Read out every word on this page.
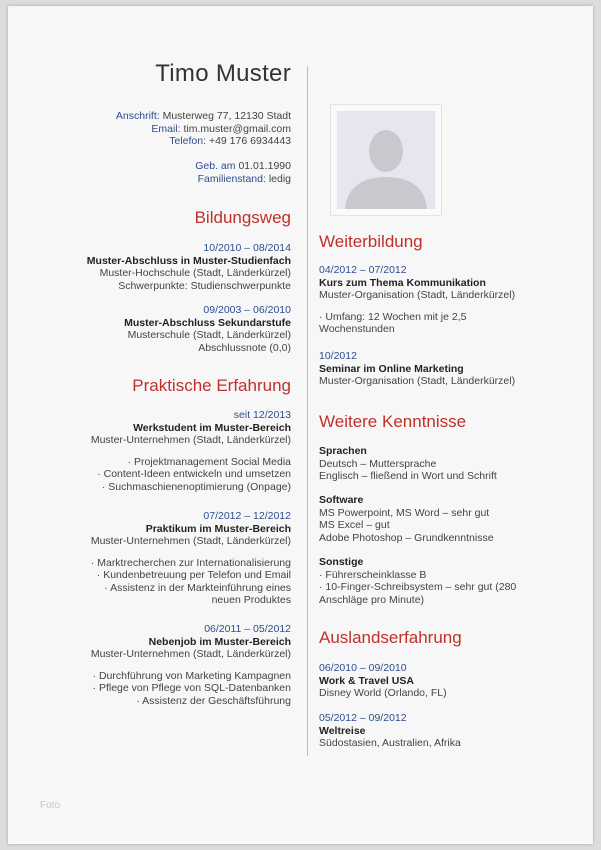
Timo Muster
Anschrift: Musterweg 77, 12130 Stadt
Email: tim.muster@gmail.com
Telefon: +49 176 6934443
Geb. am 01.01.1990
Familienstand: ledig
Bildungsweg
10/2010 – 08/2014
Muster-Abschluss in Muster-Studienfach
Muster-Hochschule (Stadt, Länderkürzel)
Schwerpunkte: Studienschwerpunkte
09/2003 – 06/2010
Muster-Abschluss Sekundarstufe
Musterschule (Stadt, Länderkürzel)
Abschlussnote (0,0)
Praktische Erfahrung
seit 12/2013
Werkstudent im Muster-Bereich
Muster-Unternehmen (Stadt, Länderkürzel)
· Projektmanagement Social Media
· Content-Ideen entwickeln und umsetzen
· Suchmaschienenoptimierung (Onpage)
07/2012 – 12/2012
Praktikum im Muster-Bereich
Muster-Unternehmen (Stadt, Länderkürzel)
· Marktrecherchen zur Internationalisierung
· Kundenbetreuung per Telefon und Email
· Assistenz in der Markteinführung eines
neuen Produktes
06/2011 – 05/2012
Nebenjob im Muster-Bereich
Muster-Unternehmen (Stadt, Länderkürzel)
· Durchführung von Marketing Kampagnen
· Pflege von Pflege von SQL-Datenbanken
· Assistenz der Geschäftsführung
Weiterbildung
04/2012 – 07/2012
Kurs zum Thema Kommunikation
Muster-Organisation (Stadt, Länderkürzel)
· Umfang: 12 Wochen mit je 2,5
Wochenstunden
10/2012
Seminar im Online Marketing
Muster-Organisation (Stadt, Länderkürzel)
Weitere Kenntnisse
Sprachen
Deutsch – Muttersprache
Englisch – fließend in Wort und Schrift
Software
MS Powerpoint, MS Word – sehr gut
MS Excel – gut
Adobe Photoshop – Grundkenntnisse
Sonstige
· Führerscheinklasse B
· 10-Finger-Schreibsystem – sehr gut (280
Anschläge pro Minute)
Auslandserfahrung
06/2010 – 09/2010
Work & Travel USA
Disney World (Orlando, FL)
05/2012 – 09/2012
Weltreise
Südostasien, Australien, Afrika
Foto
